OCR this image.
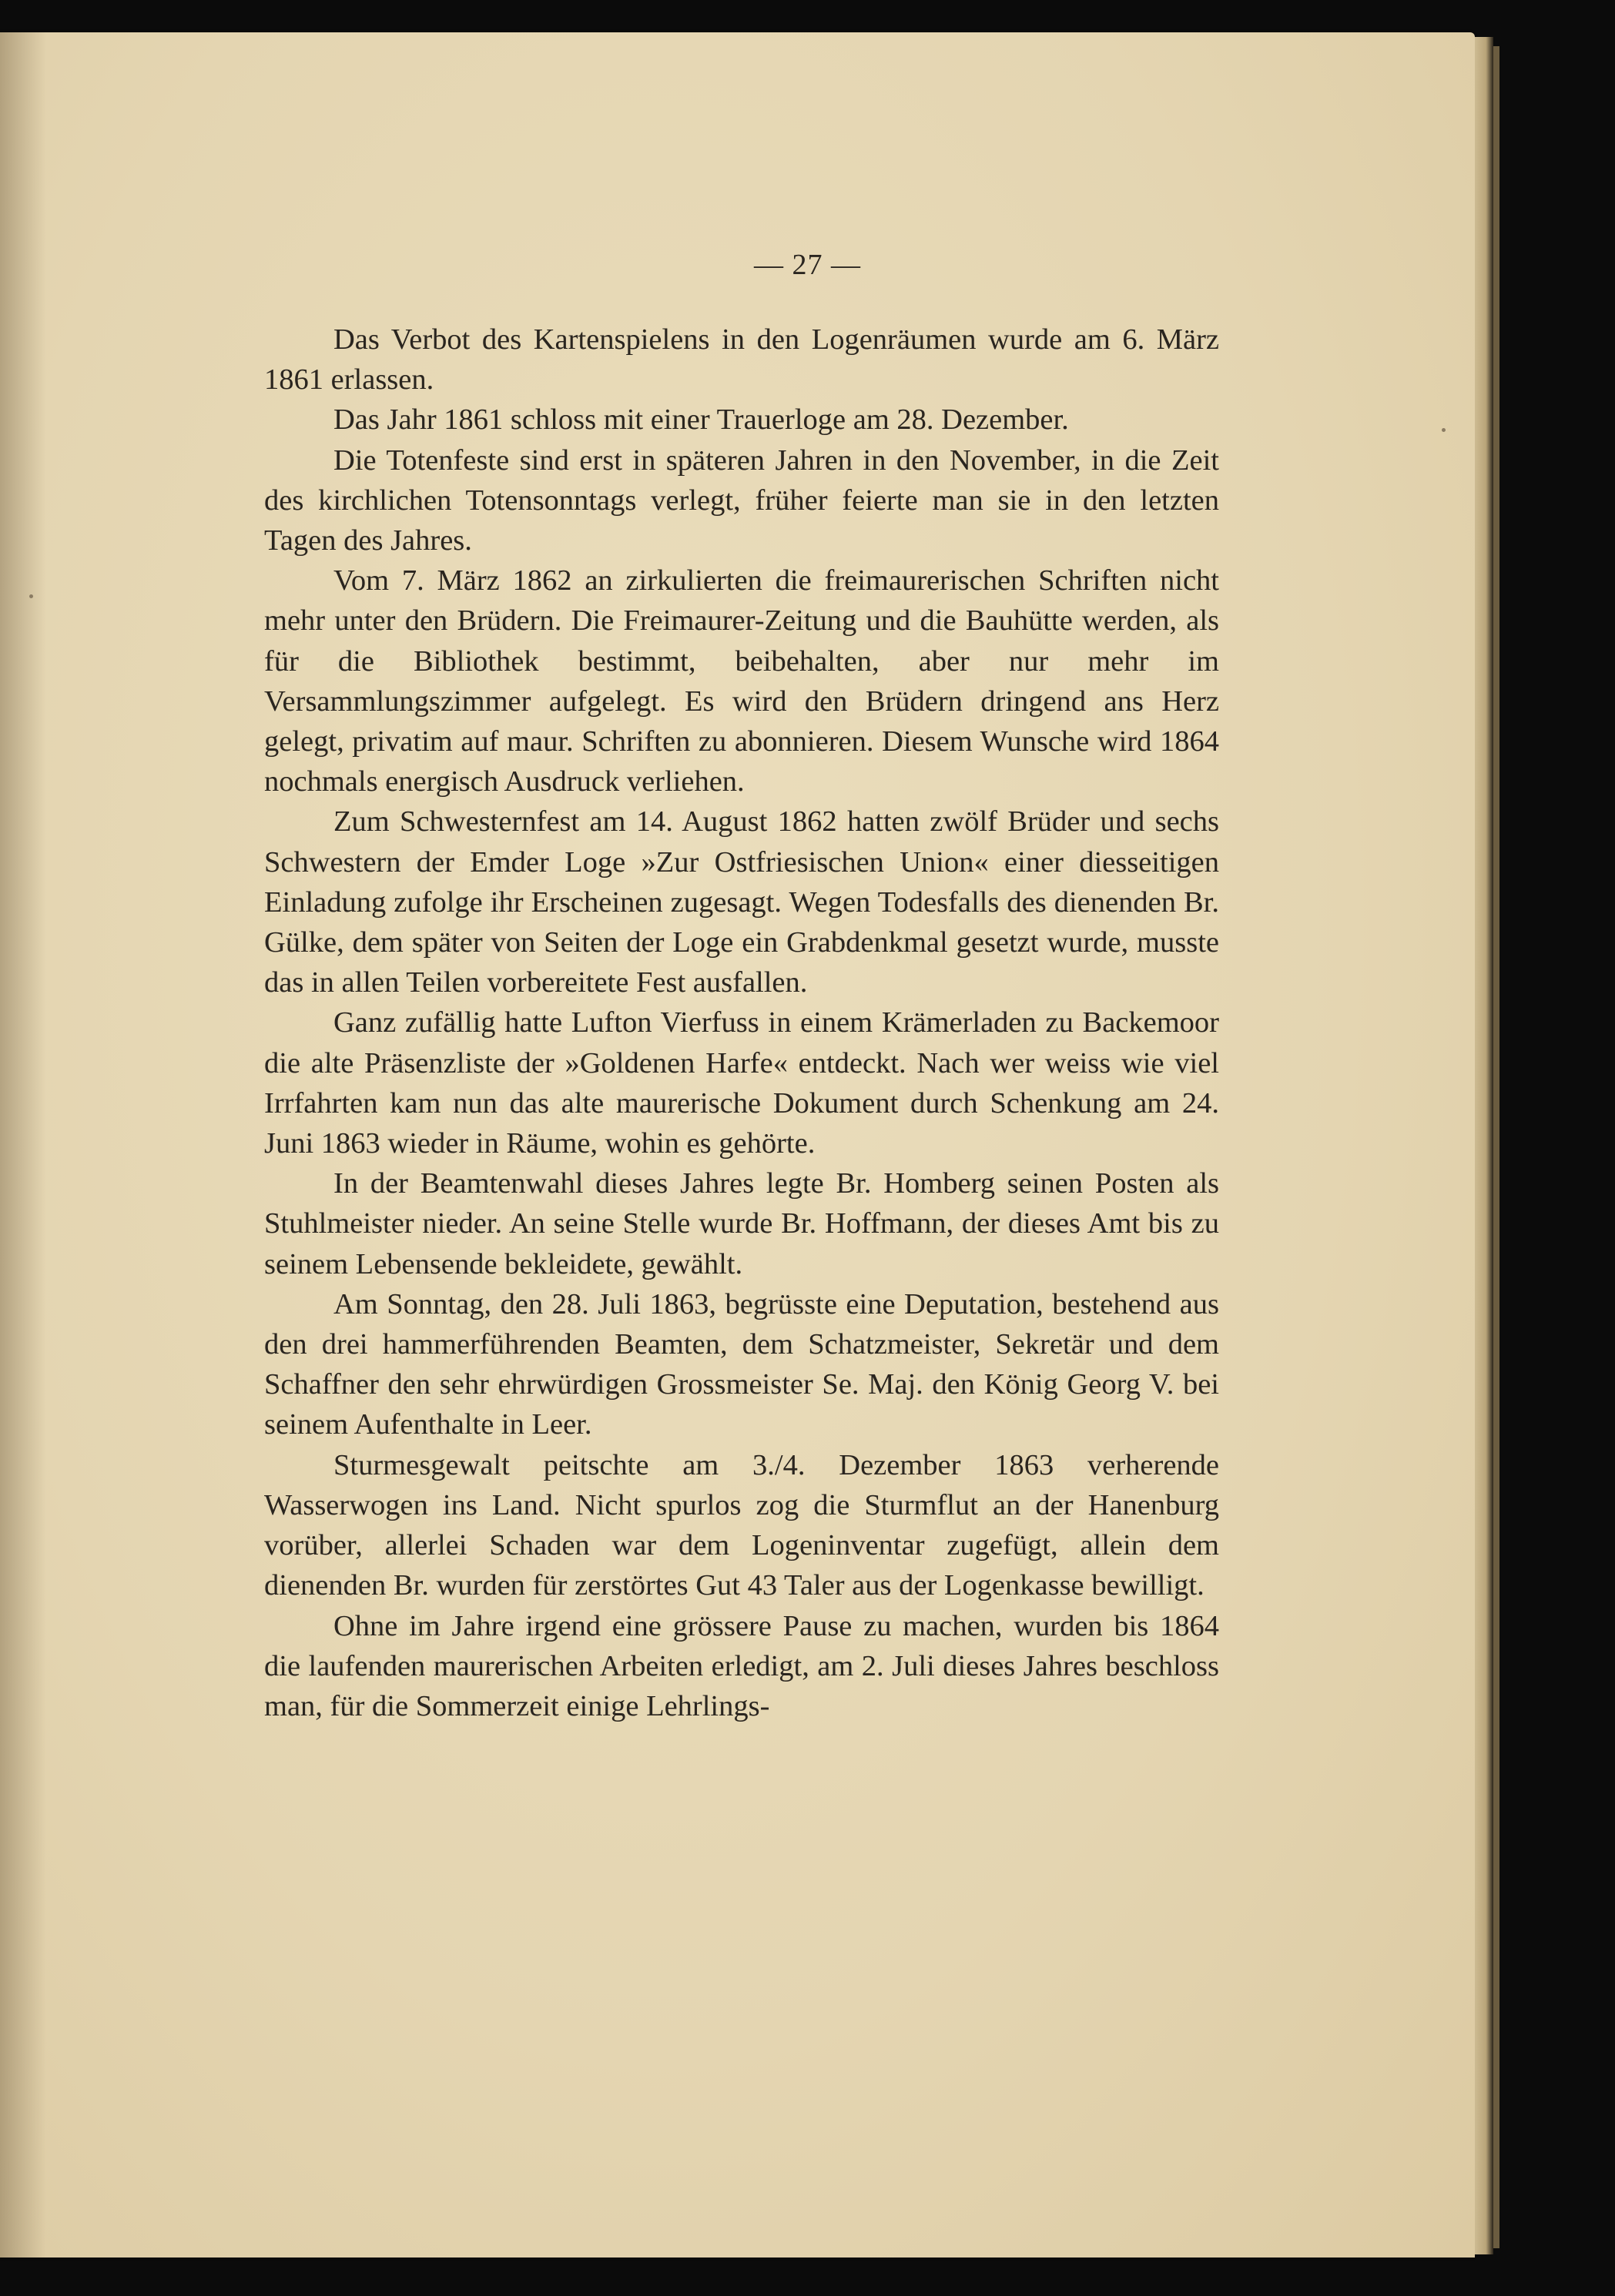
— 27 —

Das Verbot des Kartenspielens in den Logenräumen wurde am 6. März 1861 erlassen.

Das Jahr 1861 schloss mit einer Trauerloge am 28. Dezember.

Die Totenfeste sind erst in späteren Jahren in den November, in die Zeit des kirchlichen Totensonntags verlegt, früher feierte man sie in den letzten Tagen des Jahres.

Vom 7. März 1862 an zirkulierten die freimaurerischen Schriften nicht mehr unter den Brüdern. Die Freimaurer-Zeitung und die Bauhütte werden, als für die Bibliothek bestimmt, beibehalten, aber nur mehr im Versammlungszimmer aufgelegt. Es wird den Brüdern dringend ans Herz gelegt, privatim auf maur. Schriften zu abonnieren. Diesem Wunsche wird 1864 nochmals energisch Ausdruck verliehen.

Zum Schwesternfest am 14. August 1862 hatten zwölf Brüder und sechs Schwestern der Emder Loge »Zur Ostfriesischen Union« einer diesseitigen Einladung zufolge ihr Erscheinen zugesagt. Wegen Todesfalls des dienenden Br. Gülke, dem später von Seiten der Loge ein Grabdenkmal gesetzt wurde, musste das in allen Teilen vorbereitete Fest ausfallen.

Ganz zufällig hatte Lufton Vierfuss in einem Krämerladen zu Backemoor die alte Präsenzliste der »Goldenen Harfe« entdeckt. Nach wer weiss wie viel Irrfahrten kam nun das alte maurerische Dokument durch Schenkung am 24. Juni 1863 wieder in Räume, wohin es gehörte.

In der Beamtenwahl dieses Jahres legte Br. Homberg seinen Posten als Stuhlmeister nieder. An seine Stelle wurde Br. Hoffmann, der dieses Amt bis zu seinem Lebensende bekleidete, gewählt.

Am Sonntag, den 28. Juli 1863, begrüsste eine Deputation, bestehend aus den drei hammerführenden Beamten, dem Schatzmeister, Sekretär und dem Schaffner den sehr ehrwürdigen Grossmeister Se. Maj. den König Georg V. bei seinem Aufenthalte in Leer.

Sturmesgewalt peitschte am 3./4. Dezember 1863 verherende Wasserwogen ins Land. Nicht spurlos zog die Sturmflut an der Hanenburg vorüber, allerlei Schaden war dem Logeninventar zugefügt, allein dem dienenden Br. wurden für zerstörtes Gut 43 Taler aus der Logenkasse bewilligt.

Ohne im Jahre irgend eine grössere Pause zu machen, wurden bis 1864 die laufenden maurerischen Arbeiten erledigt, am 2. Juli dieses Jahres beschloss man, für die Sommerzeit einige Lehrlings-
